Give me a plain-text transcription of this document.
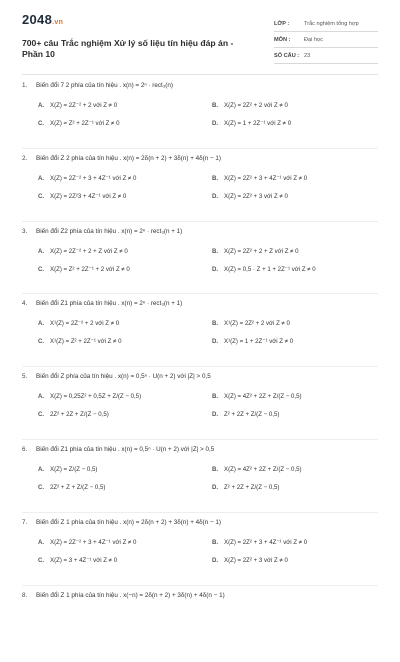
2048.vn
700+ câu Trắc nghiệm Xử lý số liệu tín hiệu đáp án - Phần 10
LỚP :	Trắc nghiệm tổng hợp
MÔN :	Đại học
SỐ CÂU : 23
1. Biến đổi 7 2 phía của tín hiệu . x(n) = 2ⁿ · rect₃(n)
A. X(Z) = 2Z⁻² + 2 với Z ≠ 0	B. X(Z) = 2Z² + 2 với Z ≠ 0
C. X(Z) = Z² + 2Z⁻¹ với Z ≠ 0	D. X(Z) = 1 + 2Z⁻¹ với Z ≠ 0
2. Biến đổi Z 2 phía của tín hiệu . x(n) = 2δ(n + 2) + 3δ(n) + 4δ(n − 1)
A. X(Z) = 2Z⁻² + 3 + 4Z⁻¹ với Z ≠ 0	B. X(Z) = 2Z² + 3 + 4Z⁻¹ với Z ≠ 0
C. X(Z) = 2Z²3 + 4Z⁻¹ với Z ≠ 0	D. X(Z) = 2Z² + 3 với Z ≠ 0
3. Biến đổi Z2 phía của tín hiệu . x(n) = 2ⁿ · rect₃(n + 1)
A. X(Z) = 2Z⁻² + 2 + Z với Z ≠ 0	B. X(Z) = 2Z² + 2 + Z với Z ≠ 0
C. X(Z) = Z² + 2Z⁻¹ + 2 với Z ≠ 0	D. X(Z) = 0,5 · Z + 1 + 2Z⁻¹ với Z ≠ 0
4. Biến đổi Z1 phía của tín hiệu . x(n) = 2ⁿ · rect₃(n + 1)
A. X¹(Z) = 2Z⁻² + 2 với Z ≠ 0	B. X¹(Z) = 2Z² + 2 với Z ≠ 0
C. X¹(Z) = Z² + 2Z⁻¹ với Z ≠ 0	D. X¹(Z) = 1 + 2Z⁻¹ với Z ≠ 0
5. Biến đổi Z phía của tín hiệu . x(n) = 0,5ⁿ · U(n + 2) với |Z| > 0,5
A. X(Z) = 0,25Z² + 0,5Z + Z/(Z − 0,5)	B. X(Z) = 4Z² + 2Z + Z/(Z − 0,5)
C. 2Z² + 2Z + Z/(Z − 0,5)	D. Z² + 2Z + Z/(Z − 0,5)
6. Biến đổi Z1 phía của tín hiệu . x(n) = 0,5ⁿ · U(n + 2) với |Z| > 0,5
A. X(Z) = Z/(Z − 0,5)	B. X(Z) = 4Z² + 2Z + Z/(Z − 0,5)
C. 2Z² + Z + Z/(Z − 0,5)	D. Z² + 2Z + Z/(Z − 0,5)
7. Biến đổi Z 1 phía của tín hiệu . x(n) = 2δ(n + 2) + 3δ(n) + 4δ(n − 1)
A. X(Z) = 2Z⁻² + 3 + 4Z⁻¹ với Z ≠ 0	B. X(Z) = 2Z² + 3 + 4Z⁻¹ với Z ≠ 0
C. X(Z) = 3 + 4Z⁻¹ với Z ≠ 0	D. X(Z) = 2Z² + 3 với Z ≠ 0
8. Biến đổi Z 1 phía của tín hiệu . x(−n) = 2δ(n + 2) + 3δ(n) + 4δ(n − 1)
